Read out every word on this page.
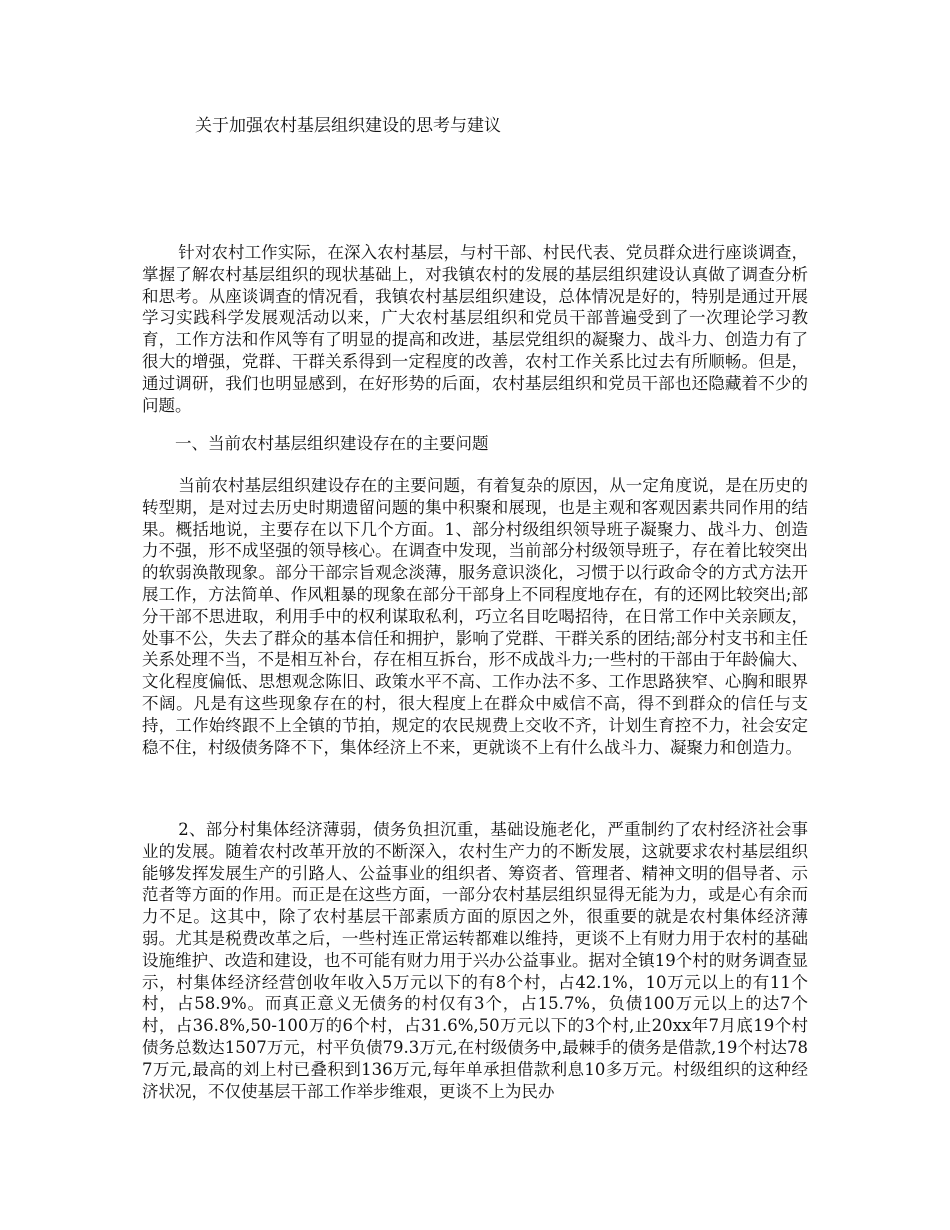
关于加强农村基层组织建设的思考与建议

针对农村工作实际，在深入农村基层，与村干部、村民代表、党员群众进行座谈调查，掌握了解农村基层组织的现状基础上，对我镇农村的发展的基层组织建设认真做了调查分析和思考。从座谈调查的情况看，我镇农村基层组织建设，总体情况是好的，特别是通过开展学习实践科学发展观活动以来，广大农村基层组织和党员干部普遍受到了一次理论学习教育，工作方法和作风等有了明显的提高和改进，基层党组织的凝聚力、战斗力、创造力有了很大的增强，党群、干群关系得到一定程度的改善，农村工作关系比过去有所顺畅。但是，通过调研，我们也明显感到，在好形势的后面，农村基层组织和党员干部也还隐藏着不少的问题。

一、当前农村基层组织建设存在的主要问题

当前农村基层组织建设存在的主要问题，有着复杂的原因，从一定角度说，是在历史的转型期，是对过去历史时期遗留问题的集中积聚和展现，也是主观和客观因素共同作用的结果。概括地说，主要存在以下几个方面。1、部分村级组织领导班子凝聚力、战斗力、创造力不强，形不成坚强的领导核心。在调查中发现，当前部分村级领导班子，存在着比较突出的软弱涣散现象。部分干部宗旨观念淡薄，服务意识淡化，习惯于以行政命令的方式方法开展工作，方法简单、作风粗暴的现象在部分干部身上不同程度地存在，有的还网比较突出;部分干部不思进取，利用手中的权利谋取私利，巧立名目吃喝招待，在日常工作中关亲顾友，处事不公，失去了群众的基本信任和拥护，影响了党群、干群关系的团结;部分村支书和主任关系处理不当，不是相互补台，存在相互拆台，形不成战斗力;一些村的干部由于年龄偏大、文化程度偏低、思想观念陈旧、政策水平不高、工作办法不多、工作思路狭窄、心胸和眼界不阔。凡是有这些现象存在的村，很大程度上在群众中威信不高，得不到群众的信任与支持，工作始终跟不上全镇的节拍，规定的农民规费上交收不齐，计划生育控不力，社会安定稳不住，村级债务降不下，集体经济上不来，更就谈不上有什么战斗力、凝聚力和创造力。

2、部分村集体经济薄弱，债务负担沉重，基础设施老化，严重制约了农村经济社会事业的发展。随着农村改革开放的不断深入，农村生产力的不断发展，这就要求农村基层组织能够发挥发展生产的引路人、公益事业的组织者、筹资者、管理者、精神文明的倡导者、示范者等方面的作用。而正是在这些方面，一部分农村基层组织显得无能为力，或是心有余而力不足。这其中，除了农村基层干部素质方面的原因之外，很重要的就是农村集体经济薄弱。尤其是税费改革之后，一些村连正常运转都难以维持，更谈不上有财力用于农村的基础设施维护、改造和建设，也不可能有财力用于兴办公益事业。据对全镇19个村的财务调查显示，村集体经济经营创收年收入5万元以下的有8个村，占42.1%，10万元以上的有11个村，占58.9%。而真正意义无债务的村仅有3个，占15.7%，负债100万元以上的达7个村，占36.8%,50-100万的6个村，占31.6%,50万元以下的3个村,止20xx年7月底19个村债务总数达1507万元，村平负债79.3万元,在村级债务中,最棘手的债务是借款,19个村达787万元,最高的刘上村已叠积到136万元,每年单承担借款利息10多万元。村级组织的这种经济状况，不仅使基层干部工作举步维艰，更谈不上为民办
